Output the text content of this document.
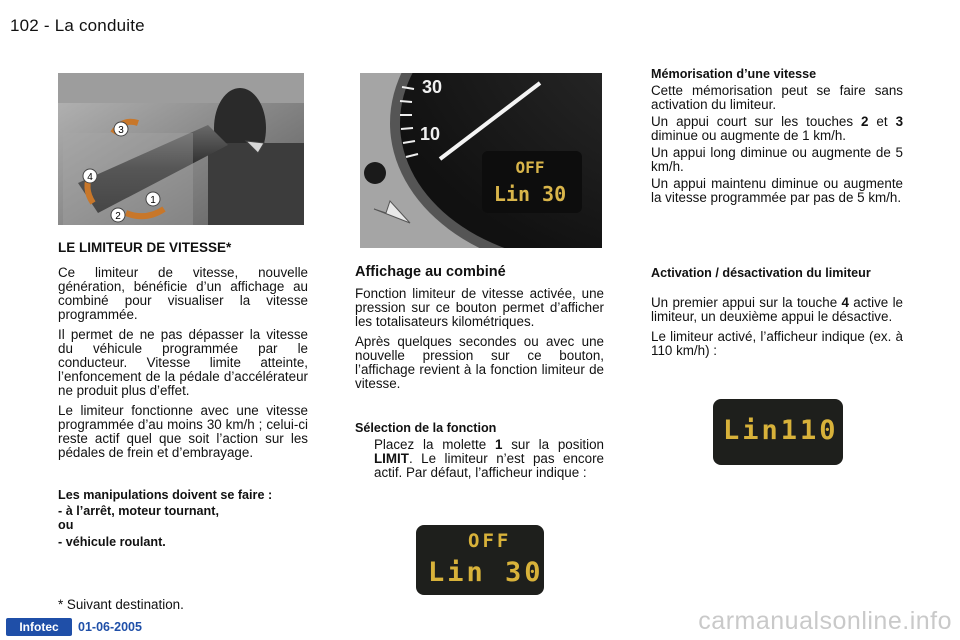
102 - La conduite
3
4
2
1
30
10
OFF
Lin 30
LE LIMITEUR DE VITESSE*

Ce limiteur de vitesse, nouvelle génération, bénéficie d’un affichage au combiné pour visualiser la vitesse programmée.

Il permet de ne pas dépasser la vitesse du véhicule programmée par le conducteur. Vitesse limite atteinte, l’enfoncement de la pédale d’accélérateur ne produit plus d’effet.

Le limiteur fonctionne avec une vitesse programmée d’au moins 30 km/h ; celui-ci reste actif quel que soit l’action sur les pédales de frein et d’embrayage.

Les manipulations doivent se faire :
- à l’arrêt, moteur tournant,
ou
- véhicule roulant.
* Suivant destination.
Affichage au combiné

Fonction limiteur de vitesse activée, une pression sur ce bouton permet d’afficher les totalisateurs kilométriques.

Après quelques secondes ou avec une nouvelle pression sur ce bouton, l’affichage revient à la fonction limiteur de vitesse.

Sélection de la fonction
Placez la molette 1 sur la position LIMIT. Le limiteur n’est pas encore actif. Par défaut, l’afficheur indique :
OFF
Lin 30
Mémorisation d’une vitesse

Cette mémorisation peut se faire sans activation du limiteur.

Un appui court sur les touches 2 et 3 diminue ou augmente de 1 km/h.

Un appui long diminue ou augmente de 5 km/h.

Un appui maintenu diminue ou augmente la vitesse programmée par pas de 5 km/h.

Activation / désactivation du limiteur

Un premier appui sur la touche 4 active le limiteur, un deuxième appui le désactive.

Le limiteur activé, l’afficheur indique (ex. à 110 km/h) :

Lin110
Infotec	01-06-2005	carmanualsonline.info
